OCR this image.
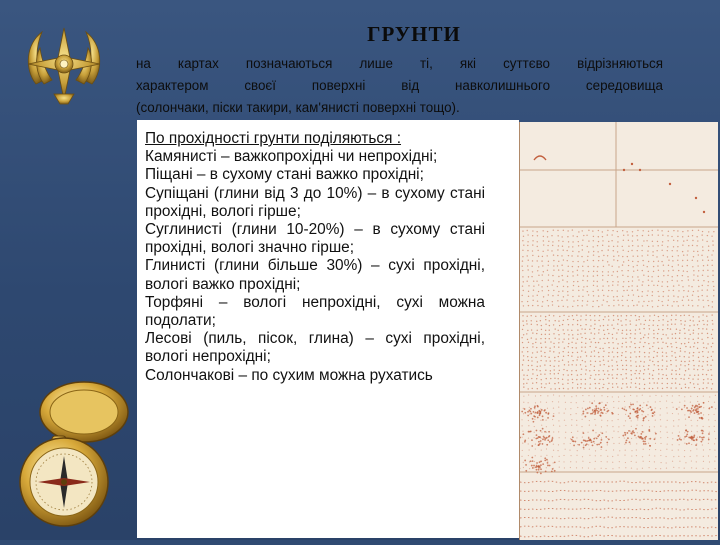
ГРУНТИ
на картах позначаються лише ті, які суттєво відрізняються
характером своєї поверхні від навколишнього середовища
(солончаки, піски такири, кам'янисті поверхні тощо).

По прохідності грунти поділяються :

Камянисті – важкопрохідні чи непрохідні;

Піщані – в сухому стані важко прохідні;

Супіщані (глини від 3 до 10%) – в сухому стані прохідні, вологі гірше;

Суглинисті (глини 10-20%) – в сухому стані прохідні, вологі значно гірше;

Глинисті (глини більше 30%) – сухі прохідні, вологі важко прохідні;

Торфяні – вологі непрохідні, сухі можна подолати;

Лесові (пиль, пісок, глина) – сухі прохідні, вологі непрохідні;

Солончакові – по сухим можна рухатись
